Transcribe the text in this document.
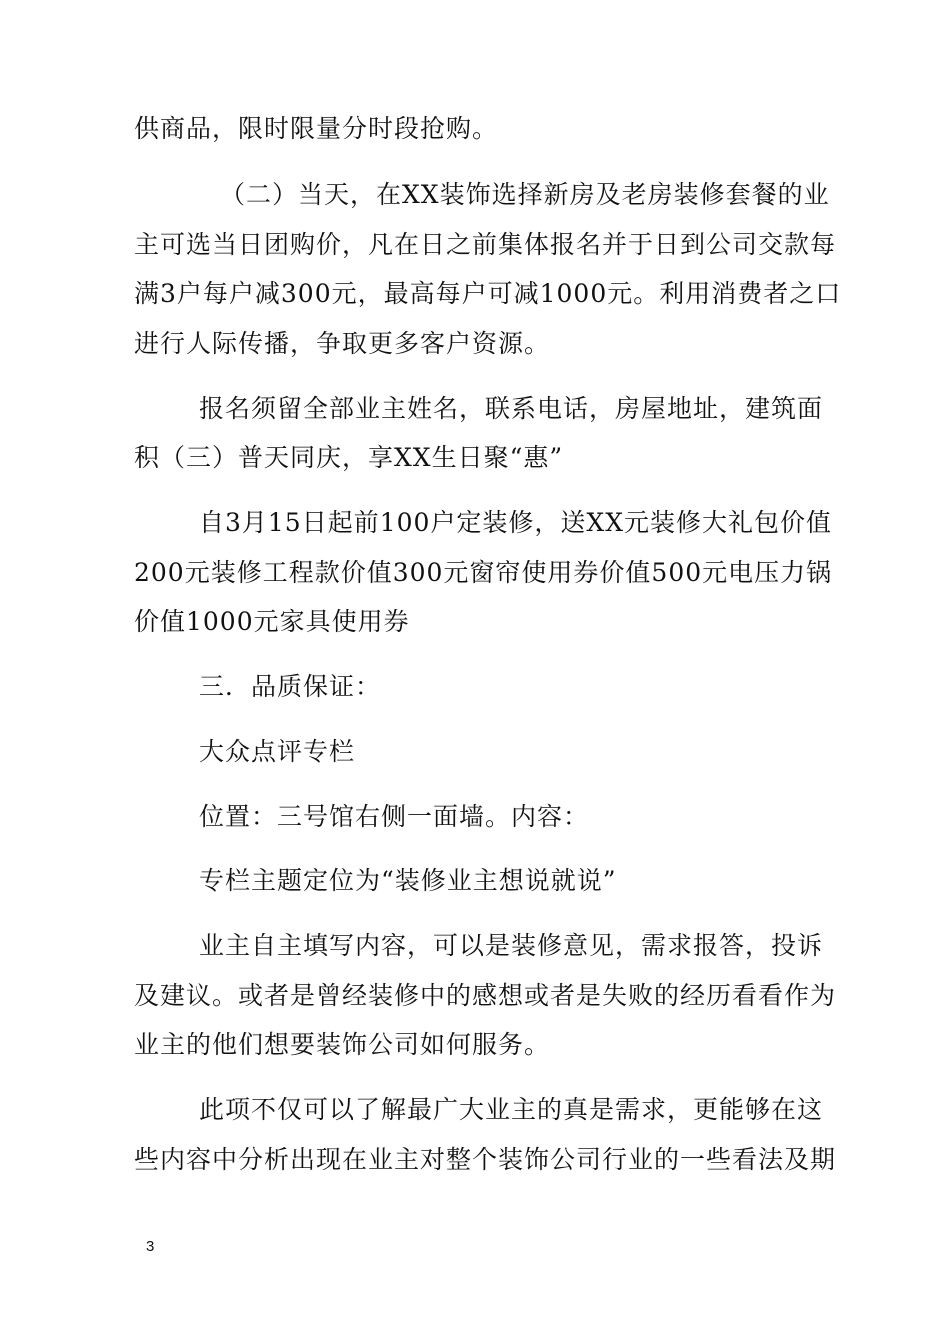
供商品，限时限量分时段抢购。
（二）当天，在XX装饰选择新房及老房装修套餐的业
主可选当日团购价，凡在日之前集体报名并于日到公司交款每
满3户每户减300元，最高每户可减1000元。利用消费者之口
进行人际传播，争取更多客户资源。
报名须留全部业主姓名，联系电话，房屋地址，建筑面
积（三）普天同庆，享XX生日聚“惠”
自3月15日起前100户定装修，送XX元装修大礼包价值
200元装修工程款价值300元窗帘使用券价值500元电压力锅
价值1000元家具使用券
三．品质保证：
大众点评专栏
位置：三号馆右侧一面墙。内容：
专栏主题定位为“装修业主想说就说”
业主自主填写内容，可以是装修意见，需求报答，投诉
及建议。或者是曾经装修中的感想或者是失败的经历看看作为
业主的他们想要装饰公司如何服务。
此项不仅可以了解最广大业主的真是需求，更能够在这
些内容中分析出现在业主对整个装饰公司行业的一些看法及期
3
